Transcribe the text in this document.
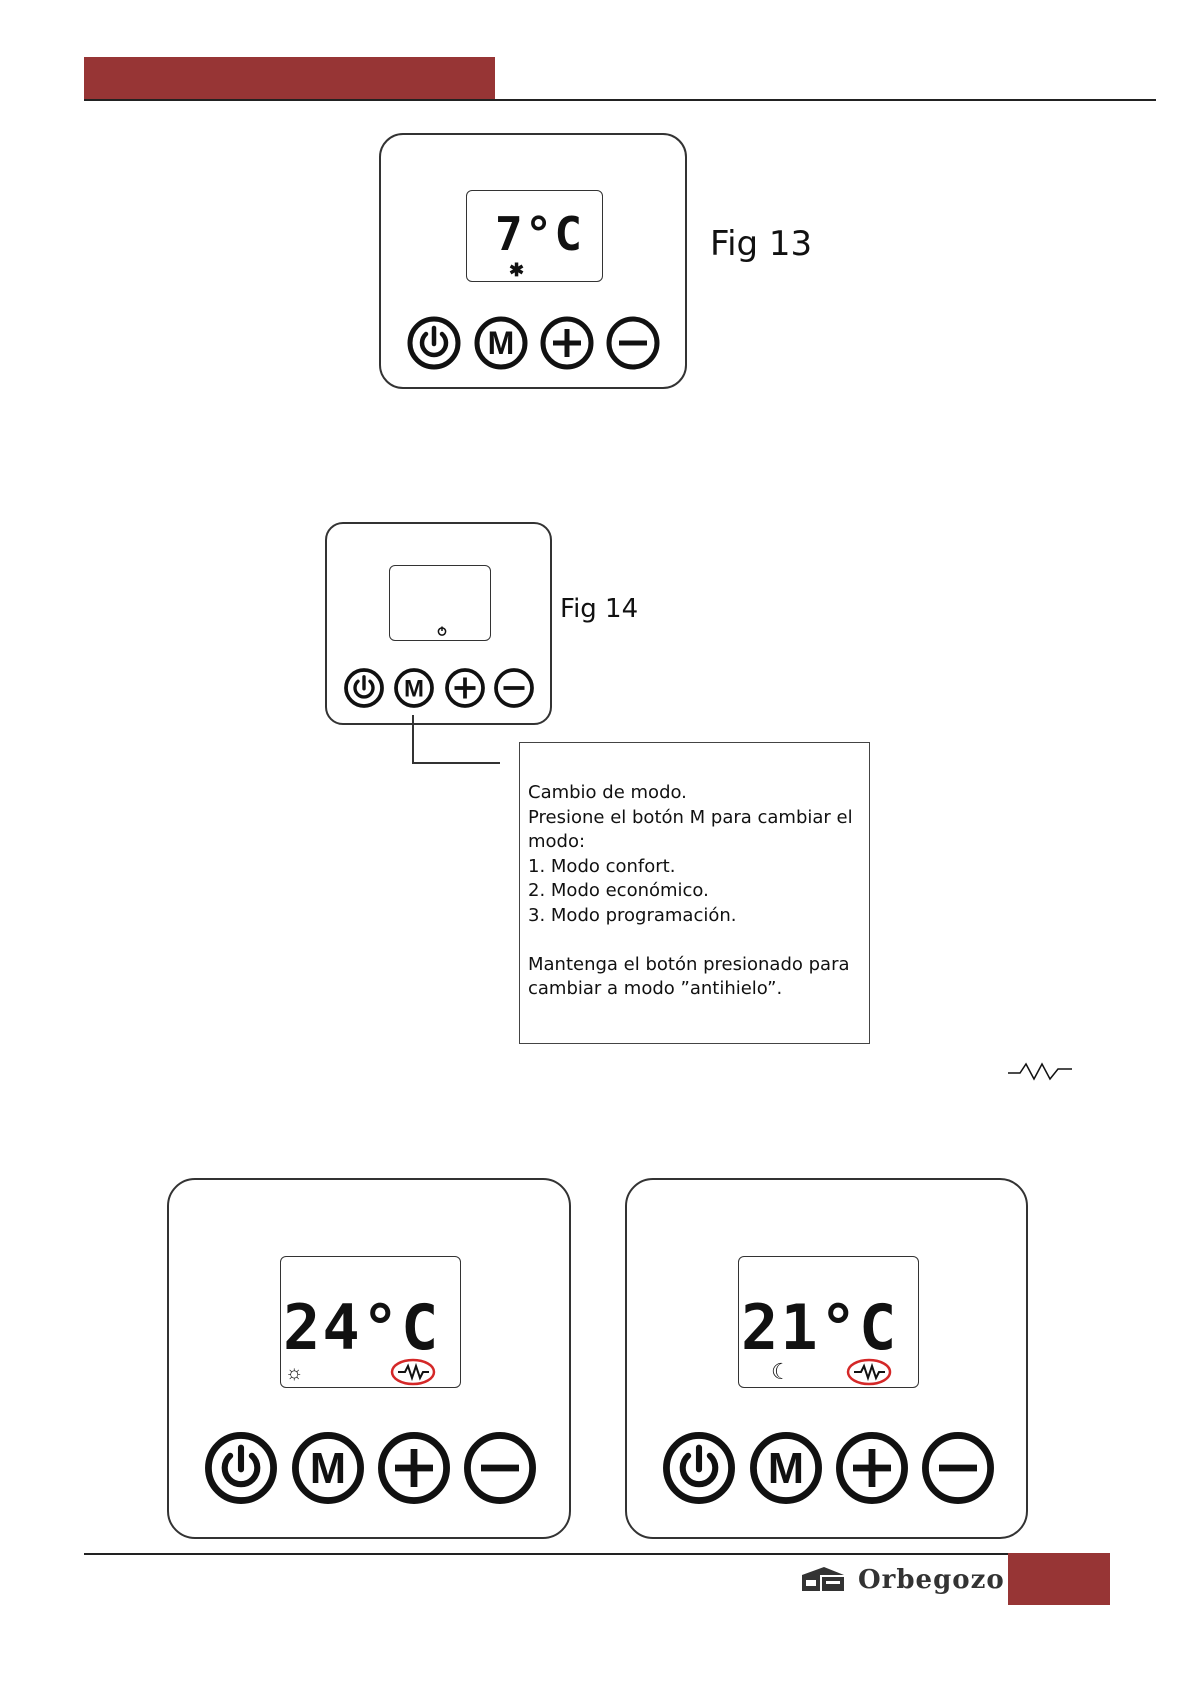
7°C
✱
M
Fig 13
M
Fig 14

Cambio de modo.

Presione el botón M para cambiar el

modo:

1. Modo confort.

2. Modo económico.

3. Modo programación.

Mantenga el botón presionado para

cambiar a modo ”antihielo”.

24°C
☼
M
21°C
☾
M
Orbegozo
